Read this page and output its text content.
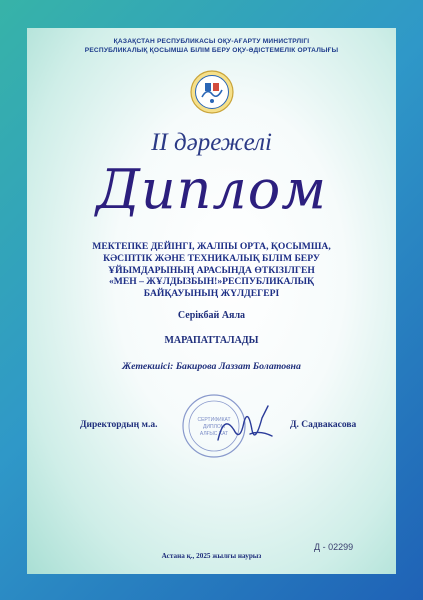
ҚАЗАҚСТАН РЕСПУБЛИКАСЫ ОҚУ-АҒАРТУ МИНИСТРЛІГІ
РЕСПУБЛИКАЛЫҚ ҚОСЫМША БІЛІМ БЕРУ ОҚУ-ӘДІСТЕМЕЛІК ОРТАЛЫҒЫ
II дәрежелі
Диплом
МЕКТЕПКЕ ДЕЙІНГІ, ЖАЛПЫ ОРТА, ҚОСЫМША,
КӘСІПТІК ЖӘНЕ ТЕХНИКАЛЫҚ БІЛІМ БЕРУ
ҰЙЫМДАРЫНЫҢ АРАСЫНДА ӨТКІЗІЛГЕН
«МЕН – ЖҰЛДЫЗБЫН!»РЕСПУБЛИКАЛЫҚ
БАЙҚАУЫНЫҢ ЖҮЛДЕГЕРІ
Серікбай Аяла
МАРАПАТТАЛАДЫ
Жетекшісі: Бакирова Лаззат Болатовна
Директордың м.а.	СЕРТИФИКАТ
ДИПЛОМ
АЛҒЫС ХАТ
Д. Садвакасова
Д - 02299
Астана қ., 2025 жылғы наурыз
